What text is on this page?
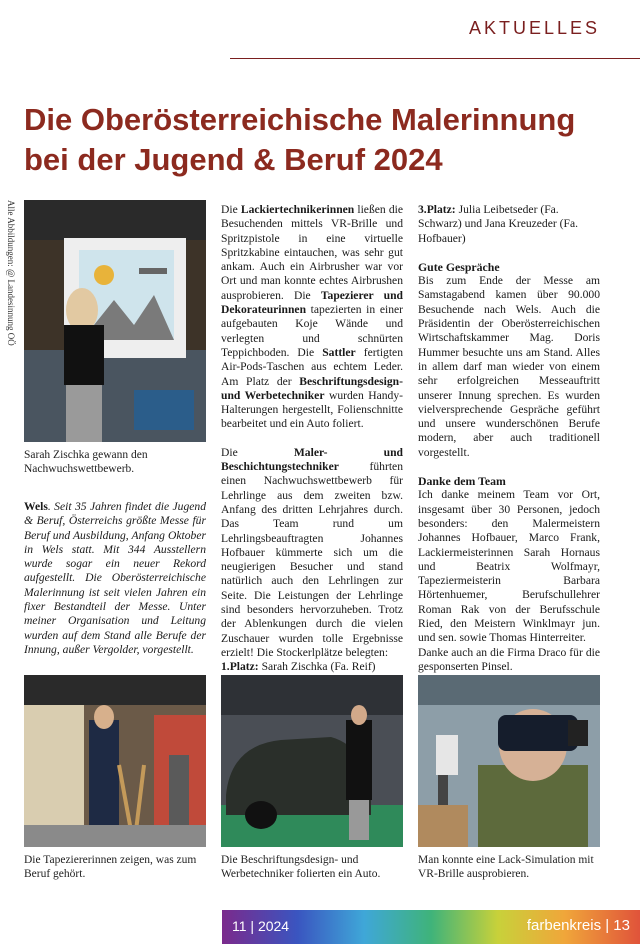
AKTUELLES
Die Oberösterreichische Malerinnung
bei der Jugend & Beruf 2024
Alle Abbildungen: @ Landesinnung OÖ
Sarah Zischka gewann den Nachwuchswettbewerb.

Wels. Seit 35 Jahren findet die Jugend & Beruf, Österreichs größte Messe für Beruf und Ausbildung, Anfang Oktober in Wels statt. Mit 344 Ausstellern wurde sogar ein neuer Rekord aufgestellt. Die Oberösterreichische Malerinnung ist seit vielen Jahren ein fixer Bestandteil der Messe. Unter meiner Organisation und Leitung wurden auf dem Stand alle Berufe der Innung, außer Vergolder, vorgestellt.

Die Lackiertechnikerinnen ließen die Besuchenden mittels VR-Brille und Spritzpistole in eine virtuelle Spritzkabine eintauchen, was sehr gut ankam. Auch ein Airbrusher war vor Ort und man konnte echtes Airbrushen ausprobieren. Die Tapezierer und Dekorateurinnen tapezierten in einer aufgebauten Koje Wände und verlegten und schnürten Teppichboden. Die Sattler fertigten Air-Pods-Taschen aus echtem Leder. Am Platz der Beschriftungsdesign- und Werbetechniker wurden Handy-Halterungen hergestellt, Folienschnitte bearbeitet und ein Auto foliert.

Die Maler- und Beschichtungstechniker führten einen Nachwuchswettbewerb für Lehrlinge aus dem zweiten bzw. Anfang des dritten Lehrjahres durch. Das Team rund um Lehrlingsbeauftragten Johannes Hofbauer kümmerte sich um die neugierigen Besucher und stand natürlich auch den Lehrlingen zur Seite. Die Leistungen der Lehrlinge sind besonders hervorzuheben. Trotz der Ablenkungen durch die vielen Zuschauer wurden tolle Ergebnisse erzielt! Die Stockerlplätze belegten:

1.Platz: Sarah Zischka (Fa. Reif)

3.Platz: Julia Leibetseder (Fa. Schwarz) und Jana Kreuzeder (Fa. Hofbauer)

Gute Gespräche

Bis zum Ende der Messe am Samstagabend kamen über 90.000 Besuchende nach Wels. Auch die Präsidentin der Oberösterreichischen Wirtschaftskammer Mag. Doris Hummer besuchte uns am Stand. Alles in allem darf man wieder von einem sehr erfolgreichen Messeauftritt unserer Innung sprechen. Es wurden vielversprechende Gespräche geführt und unsere wunderschönen Berufe modern, aber auch traditionell vorgestellt.

Danke dem Team

Ich danke meinem Team vor Ort, insgesamt über 30 Personen, jedoch besonders: den Malermeistern Johannes Hofbauer, Marco Frank, Lackiermeisterinnen Sarah Hornaus und Beatrix Wolfmayr, Tapeziermeisterin Barbara Hörtenhuemer, Berufschullehrer Roman Rak von der Berufsschule Ried, den Meistern Winklmayr jun. und sen. sowie Thomas Hinterreiter.

Danke auch an die Firma Draco für die gesponserten Pinsel.

Die Tapeziererinnen zeigen, was zum Beruf gehört.
Die Beschriftungsdesign- und Werbetechniker folierten ein Auto.
Man konnte eine Lack-Simulation mit VR-Brille ausprobieren.
11 | 2024	farbenkreis | 13
